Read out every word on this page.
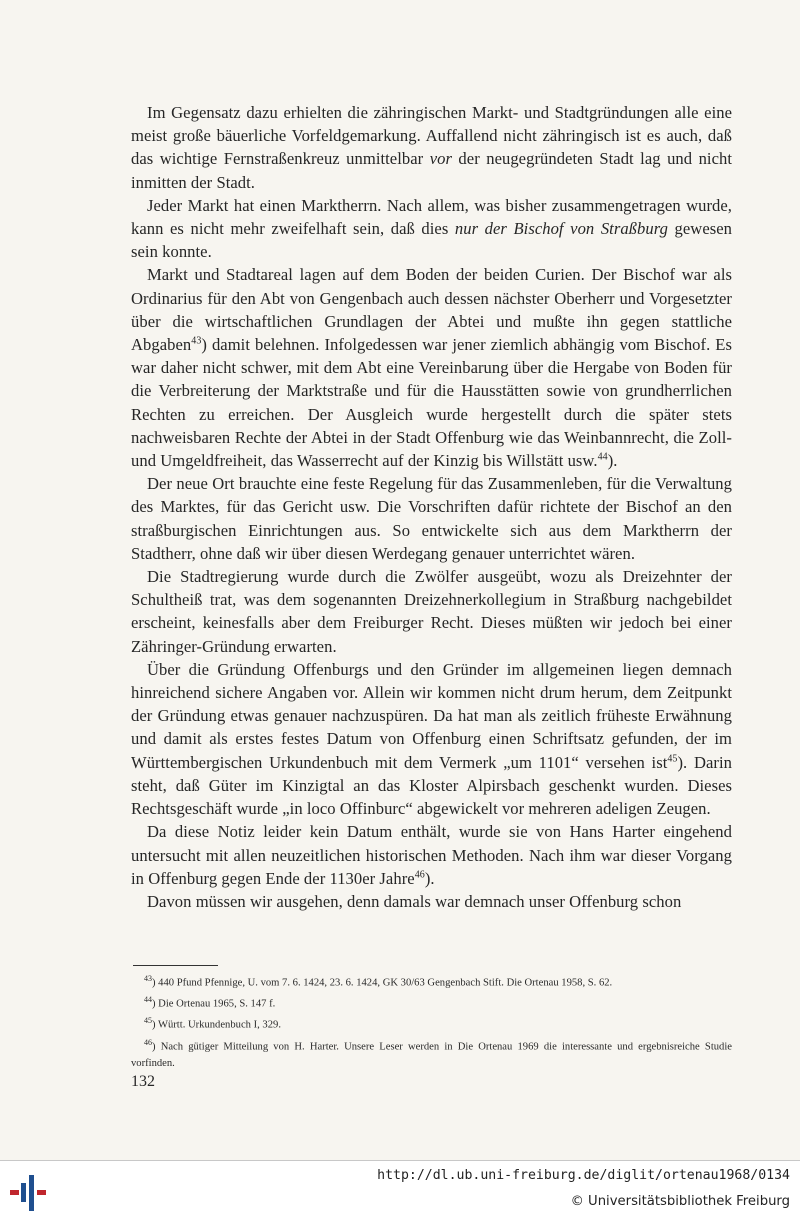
Im Gegensatz dazu erhielten die zähringischen Markt- und Stadtgründungen alle eine meist große bäuerliche Vorfeldgemarkung. Auffallend nicht zähringisch ist es auch, daß das wichtige Fernstraßenkreuz unmittelbar vor der neugegründeten Stadt lag und nicht inmitten der Stadt.

Jeder Markt hat einen Marktherrn. Nach allem, was bisher zusammengetragen wurde, kann es nicht mehr zweifelhaft sein, daß dies nur der Bischof von Straßburg gewesen sein konnte.

Markt und Stadtareal lagen auf dem Boden der beiden Curien. Der Bischof war als Ordinarius für den Abt von Gengenbach auch dessen nächster Oberherr und Vorgesetzter über die wirtschaftlichen Grundlagen der Abtei und mußte ihn gegen stattliche Abgaben$^{43}$) damit belehnen. Infolgedessen war jener ziemlich abhängig vom Bischof. Es war daher nicht schwer, mit dem Abt eine Vereinbarung über die Hergabe von Boden für die Verbreiterung der Marktstraße und für die Hausstätten sowie von grundherrlichen Rechten zu erreichen. Der Ausgleich wurde hergestellt durch die später stets nachweisbaren Rechte der Abtei in der Stadt Offenburg wie das Weinbannrecht, die Zoll- und Umgeldfreiheit, das Wasserrecht auf der Kinzig bis Willstätt usw.$^{44}$).

Der neue Ort brauchte eine feste Regelung für das Zusammenleben, für die Verwaltung des Marktes, für das Gericht usw. Die Vorschriften dafür richtete der Bischof an den straßburgischen Einrichtungen aus. So entwickelte sich aus dem Marktherrn der Stadtherr, ohne daß wir über diesen Werdegang genauer unterrichtet wären.

Die Stadtregierung wurde durch die Zwölfer ausgeübt, wozu als Dreizehnter der Schultheiß trat, was dem sogenannten Dreizehnerkollegium in Straßburg nachgebildet erscheint, keinesfalls aber dem Freiburger Recht. Dieses müßten wir jedoch bei einer Zähringer-Gründung erwarten.

Über die Gründung Offenburgs und den Gründer im allgemeinen liegen demnach hinreichend sichere Angaben vor. Allein wir kommen nicht drum herum, dem Zeitpunkt der Gründung etwas genauer nachzuspüren. Da hat man als zeitlich früheste Erwähnung und damit als erstes festes Datum von Offenburg einen Schriftsatz gefunden, der im Württembergischen Urkundenbuch mit dem Vermerk „um 1101“ versehen ist$^{45}$). Darin steht, daß Güter im Kinzigtal an das Kloster Alpirsbach geschenkt wurden. Dieses Rechtsgeschäft wurde „in loco Offinburc“ abgewickelt vor mehreren adeligen Zeugen.

Da diese Notiz leider kein Datum enthält, wurde sie von Hans Harter eingehend untersucht mit allen neuzeitlichen historischen Methoden. Nach ihm war dieser Vorgang in Offenburg gegen Ende der 1130er Jahre$^{46}$).

Davon müssen wir ausgehen, denn damals war demnach unser Offenburg schon

$^{43}$) 440 Pfund Pfennige, U. vom 7. 6. 1424, 23. 6. 1424, GK 30/63 Gengenbach Stift. Die Ortenau 1958, S. 62.

$^{44}$) Die Ortenau 1965, S. 147 f.

$^{45}$) Württ. Urkundenbuch I, 329.

$^{46}$) Nach gütiger Mitteilung von H. Harter. Unsere Leser werden in Die Ortenau 1969 die interessante und ergebnisreiche Studie vorfinden.

132
http://dl.ub.uni-freiburg.de/diglit/ortenau1968/0134
© Universitätsbibliothek Freiburg
